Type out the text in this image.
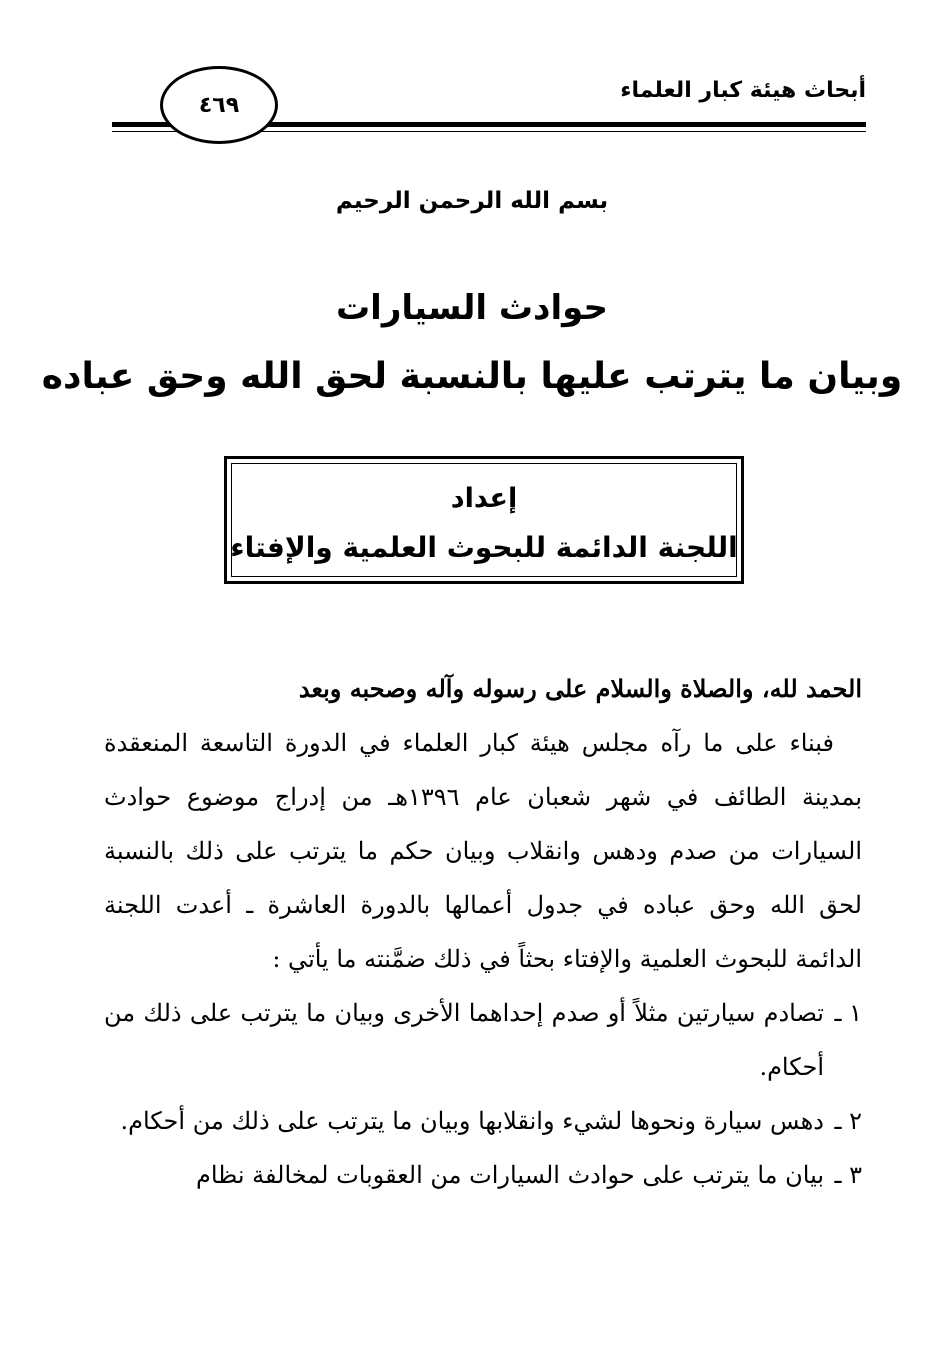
أبحاث هيئة كبار العلماء
٤٦٩
بسم الله الرحمن الرحيم
حوادث السيارات
وبيان ما يترتب عليها بالنسبة لحق الله وحق عباده
إعداد
اللجنة الدائمة للبحوث العلمية والإفتاء

الحمد لله، والصلاة والسلام على رسوله وآله وصحبه وبعد

فبناء على ما رآه مجلس هيئة كبار العلماء في الدورة التاسعة المنعقدة بمدينة الطائف في شهر شعبان عام ١٣٩٦هـ من إدراج موضوع حوادث السيارات من صدم ودهس وانقلاب وبيان حكم ما يترتب على ذلك بالنسبة لحق الله وحق عباده في جدول أعمالها بالدورة العاشرة ـ أعدت اللجنة الدائمة للبحوث العلمية والإفتاء بحثاً في ذلك ضمَّنته ما يأتي :

١ ـ
تصادم سيارتين مثلاً أو صدم إحداهما الأخرى وبيان ما يترتب على ذلك من أحكام.

٢ ـ
دهس سيارة ونحوها لشيء وانقلابها وبيان ما يترتب على ذلك من أحكام.

٣ ـ
بيان ما يترتب على حوادث السيارات من العقوبات لمخالفة نظام
